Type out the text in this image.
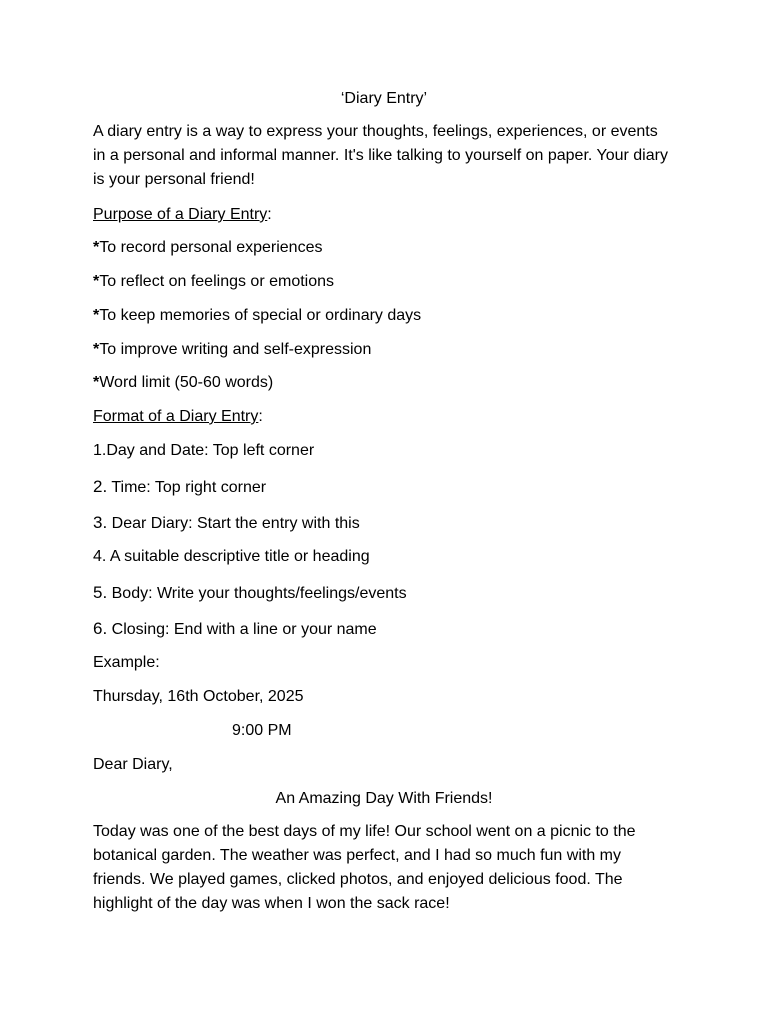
‘Diary Entry’
A diary entry is a way to express your thoughts, feelings, experiences, or events in a personal and informal manner. It's like talking to yourself on paper. Your diary is your personal friend!
Purpose of a Diary Entry:
*To record personal experiences
*To reflect on feelings or emotions
*To keep memories of special or ordinary days
*To improve writing and self-expression
*Word limit (50-60 words)
Format of a Diary Entry:
1.Day and Date: Top left corner
2. Time: Top right corner
3. Dear Diary: Start the entry with this
4. A suitable descriptive title or heading
5. Body: Write your thoughts/feelings/events
6. Closing: End with a line or your name
Example:
Thursday, 16th October, 2025
9:00 PM
Dear Diary,
An Amazing Day With Friends!
Today was one of the best days of my life! Our school went on a picnic to the botanical garden. The weather was perfect, and I had so much fun with my friends. We played games, clicked photos, and enjoyed delicious food. The highlight of the day was when I won the sack race!
